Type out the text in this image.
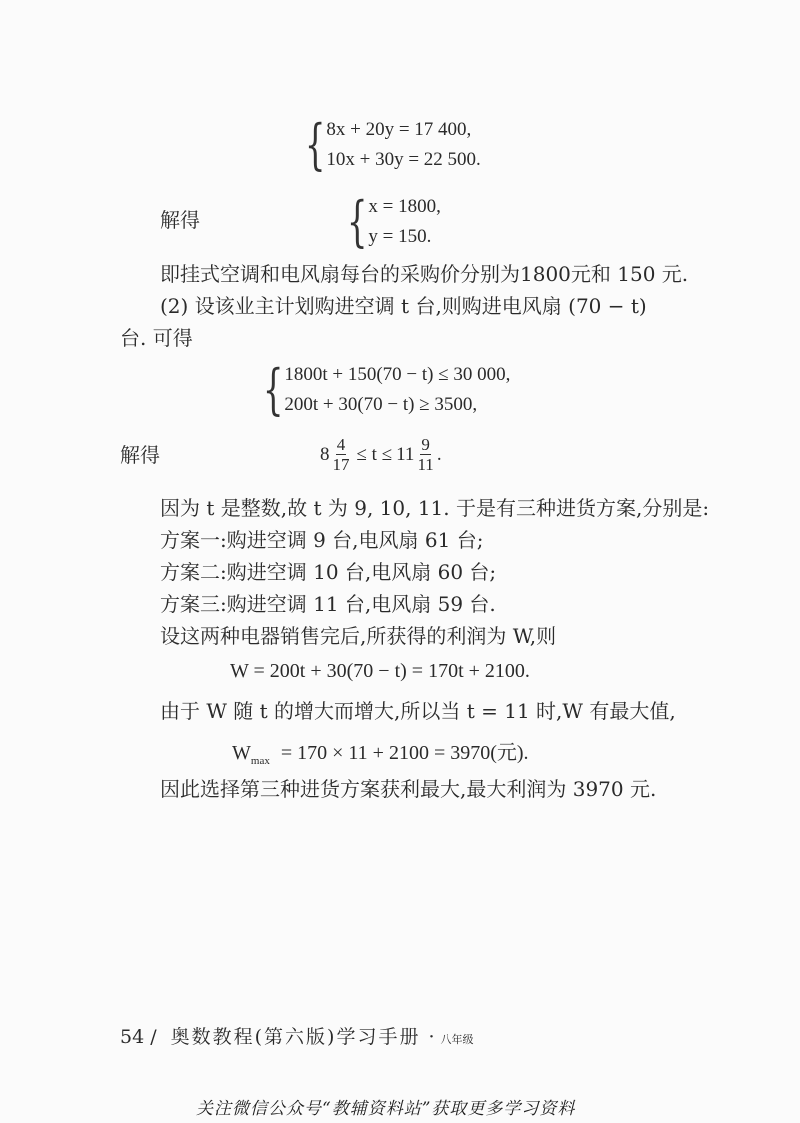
{ 8x + 20y = 17 400,
10x + 30y = 22 500.
解得	{ x = 1800,
y = 150.
即挂式空调和电风扇每台的采购价分别为1800元和 150 元.
(2) 设该业主计划购进空调 t 台,则购进电风扇 (70 − t)
台. 可得
{ 1800t + 150(70 − t) ≤ 30 000,
200t + 30(70 − t) ≥ 3500,
解得	$8 \frac{4}{17} \le t \le 11 \frac{9}{11}$ .
因为 t 是整数,故 t 为 9, 10, 11. 于是有三种进货方案,分别是:
方案一:购进空调 9 台,电风扇 61 台;
方案二:购进空调 10 台,电风扇 60 台;
方案三:购进空调 11 台,电风扇 59 台.
设这两种电器销售完后,所获得的利润为 W,则
W = 200t + 30(70 − t) = 170t + 2100.
由于 W 随 t 的增大而增大,所以当 t = 11 时,W 有最大值,
$W_{max} = 170 \times 11 + 2100 = 3970$(元).
因此选择第三种进货方案获利最大,最大利润为 3970 元.
54 / 奥数教程(第六版)学习手册 · 八年级
关注微信公众号“教辅资料站”获取更多学习资料
